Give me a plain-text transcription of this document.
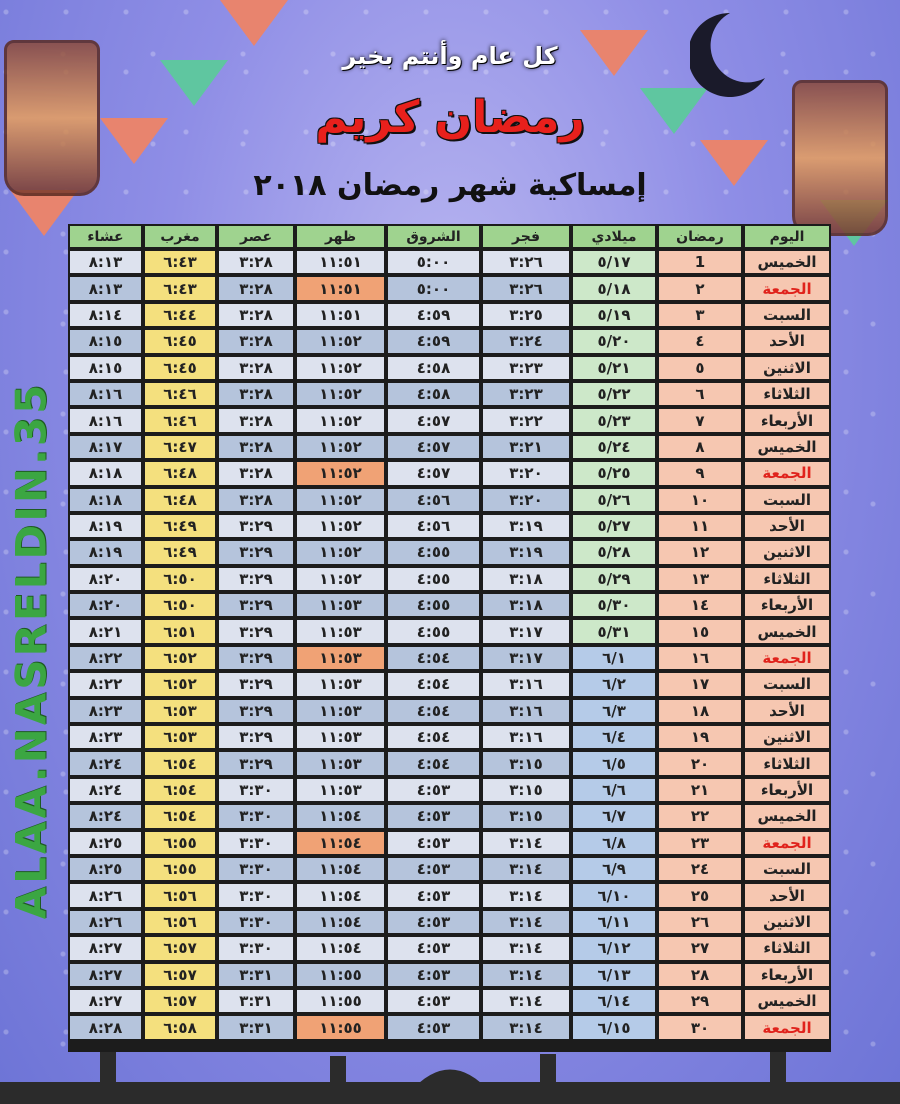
كل عام وأنتم بخير
رمضان كريم
إمساكية شهر رمضان ٢٠١٨
ALAA.NASRELDIN.35
اليوم
رمضان
ميلادي
فجر
الشروق
ظهر
عصر
مغرب
عشاء
الخميس
1
٥/١٧
٣:٢٦
٥:٠٠
١١:٥١
٣:٢٨
٦:٤٣
٨:١٣
الجمعة
٢
٥/١٨
٣:٢٦
٥:٠٠
١١:٥١
٣:٢٨
٦:٤٣
٨:١٣
السبت
٣
٥/١٩
٣:٢٥
٤:٥٩
١١:٥١
٣:٢٨
٦:٤٤
٨:١٤
الأحد
٤
٥/٢٠
٣:٢٤
٤:٥٩
١١:٥٢
٣:٢٨
٦:٤٥
٨:١٥
الاثنين
٥
٥/٢١
٣:٢٣
٤:٥٨
١١:٥٢
٣:٢٨
٦:٤٥
٨:١٥
الثلاثاء
٦
٥/٢٢
٣:٢٣
٤:٥٨
١١:٥٢
٣:٢٨
٦:٤٦
٨:١٦
الأربعاء
٧
٥/٢٣
٣:٢٢
٤:٥٧
١١:٥٢
٣:٢٨
٦:٤٦
٨:١٦
الخميس
٨
٥/٢٤
٣:٢١
٤:٥٧
١١:٥٢
٣:٢٨
٦:٤٧
٨:١٧
الجمعة
٩
٥/٢٥
٣:٢٠
٤:٥٧
١١:٥٢
٣:٢٨
٦:٤٨
٨:١٨
السبت
١٠
٥/٢٦
٣:٢٠
٤:٥٦
١١:٥٢
٣:٢٨
٦:٤٨
٨:١٨
الأحد
١١
٥/٢٧
٣:١٩
٤:٥٦
١١:٥٢
٣:٢٩
٦:٤٩
٨:١٩
الاثنين
١٢
٥/٢٨
٣:١٩
٤:٥٥
١١:٥٢
٣:٢٩
٦:٤٩
٨:١٩
الثلاثاء
١٣
٥/٢٩
٣:١٨
٤:٥٥
١١:٥٢
٣:٢٩
٦:٥٠
٨:٢٠
الأربعاء
١٤
٥/٣٠
٣:١٨
٤:٥٥
١١:٥٣
٣:٢٩
٦:٥٠
٨:٢٠
الخميس
١٥
٥/٣١
٣:١٧
٤:٥٥
١١:٥٣
٣:٢٩
٦:٥١
٨:٢١
الجمعة
١٦
٦/١
٣:١٧
٤:٥٤
١١:٥٣
٣:٢٩
٦:٥٢
٨:٢٢
السبت
١٧
٦/٢
٣:١٦
٤:٥٤
١١:٥٣
٣:٢٩
٦:٥٢
٨:٢٢
الأحد
١٨
٦/٣
٣:١٦
٤:٥٤
١١:٥٣
٣:٢٩
٦:٥٣
٨:٢٣
الاثنين
١٩
٦/٤
٣:١٦
٤:٥٤
١١:٥٣
٣:٢٩
٦:٥٣
٨:٢٣
الثلاثاء
٢٠
٦/٥
٣:١٥
٤:٥٤
١١:٥٣
٣:٢٩
٦:٥٤
٨:٢٤
الأربعاء
٢١
٦/٦
٣:١٥
٤:٥٣
١١:٥٣
٣:٣٠
٦:٥٤
٨:٢٤
الخميس
٢٢
٦/٧
٣:١٥
٤:٥٣
١١:٥٤
٣:٣٠
٦:٥٤
٨:٢٤
الجمعة
٢٣
٦/٨
٣:١٤
٤:٥٣
١١:٥٤
٣:٣٠
٦:٥٥
٨:٢٥
السبت
٢٤
٦/٩
٣:١٤
٤:٥٣
١١:٥٤
٣:٣٠
٦:٥٥
٨:٢٥
الأحد
٢٥
٦/١٠
٣:١٤
٤:٥٣
١١:٥٤
٣:٣٠
٦:٥٦
٨:٢٦
الاثنين
٢٦
٦/١١
٣:١٤
٤:٥٣
١١:٥٤
٣:٣٠
٦:٥٦
٨:٢٦
الثلاثاء
٢٧
٦/١٢
٣:١٤
٤:٥٣
١١:٥٤
٣:٣٠
٦:٥٧
٨:٢٧
الأربعاء
٢٨
٦/١٣
٣:١٤
٤:٥٣
١١:٥٥
٣:٣١
٦:٥٧
٨:٢٧
الخميس
٢٩
٦/١٤
٣:١٤
٤:٥٣
١١:٥٥
٣:٣١
٦:٥٧
٨:٢٧
الجمعة
٣٠
٦/١٥
٣:١٤
٤:٥٣
١١:٥٥
٣:٣١
٦:٥٨
٨:٢٨
